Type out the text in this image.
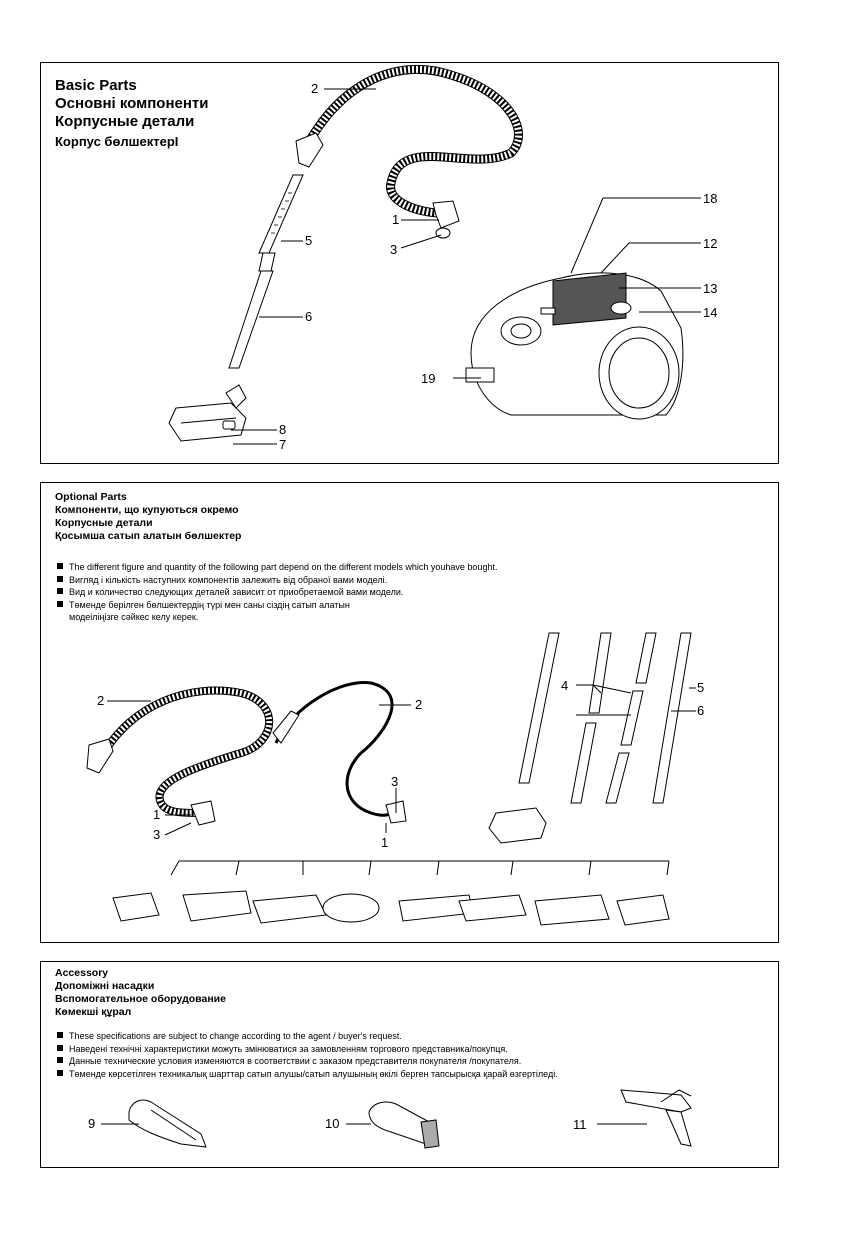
Basic Parts
Основні компоненти
Корпусные детали
Корпус бөлшектерІ
2
1
3
5
6
8
7
18
12
13
14
19
Optional Parts
Компоненти, що купуються окремо
Корпусные детали
Қосымша сатып алатын бөлшектер
The different figure and quantity of the following part depend on the different models which youhave bought.
Вигляд і кількість наступних компонентів залежить від обраної вами моделі.
Вид и количество следующих деталей зависит от приобретаемой вами модели.
Төменде берілген бөлшектердің түрі мен саны сіздің сатып алатын
модеіліңізге сәйкес келу керек.
2
1
3
2
3
1
4	5
6
Accessory
Допоміжні насадки
Вспомогательное оборудование
Көмекші құрал
These specifications are subject to change according to the agent / buyer's request.
Наведені технічні характеристики можуть змінюватися за замовленням торгового представника/покупця.
Данные технические условия изменяются в соответствии с заказом представителя покупателя /покупателя.
Төменде көрсетілген техникалық шарттар сатып алушы/сатып алушының өкілі берген тапсырысқа қарай өзгертіледі.
9	10	11
